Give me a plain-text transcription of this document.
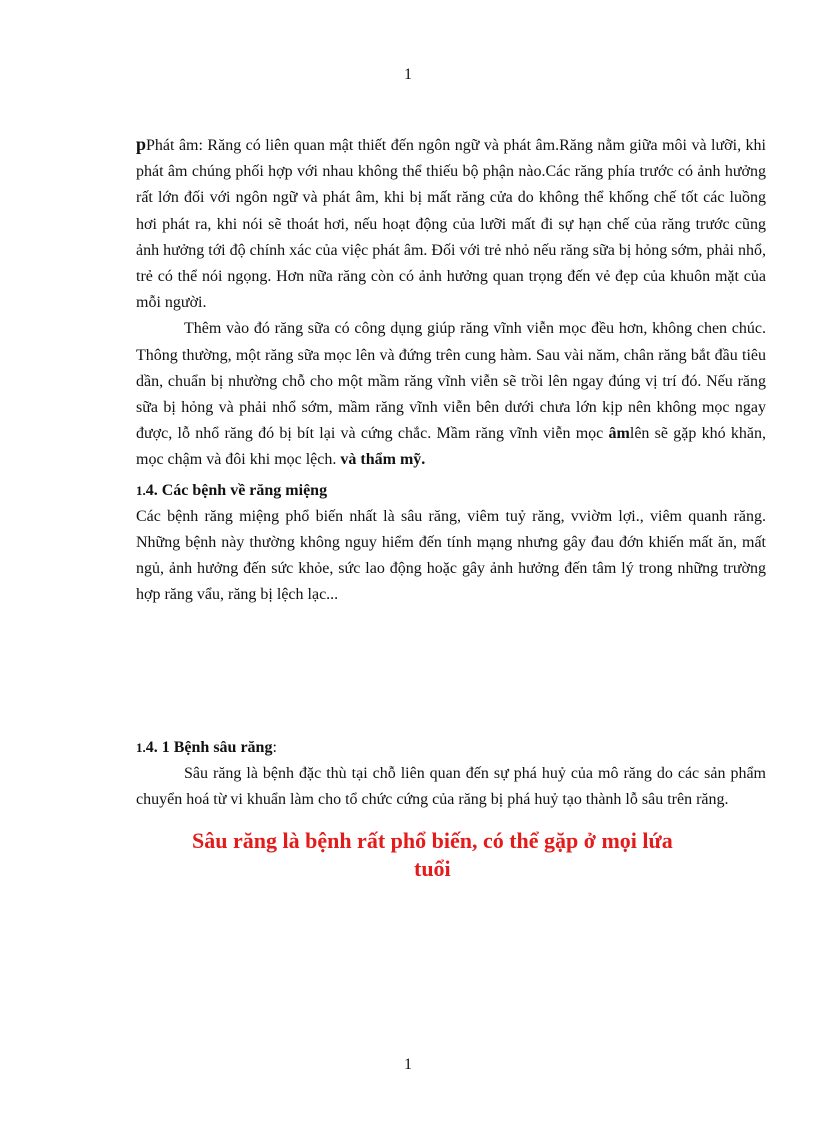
1

pPhát âm: Răng có liên quan mật thiết đến ngôn ngữ và phát âm.Răng nằm giữa môi và lưỡi, khi phát âm chúng phối hợp với nhau không thể thiếu bộ phận nào.Các răng phía trước có ảnh hưởng rất lớn đối với ngôn ngữ và phát âm, khi bị mất răng cửa do không thể khống chế tốt các luồng hơi phát ra, khi nói sẽ thoát hơi, nếu hoạt động của lưỡi mất đi sự hạn chế của răng trước cũng ảnh hưởng tới độ chính xác của việc phát âm. Đối với trẻ nhỏ nếu răng sữa bị hỏng sớm, phải nhổ, trẻ có thể nói ngọng. Hơn nữa răng còn có ảnh hưởng quan trọng đến vẻ đẹp của khuôn mặt của mỗi người.

Thêm vào đó răng sữa có công dụng giúp răng vĩnh viễn mọc đều hơn, không chen chúc. Thông thường, một răng sữa mọc lên và đứng trên cung hàm. Sau vài năm, chân răng bắt đầu tiêu dần, chuẩn bị nhường chỗ cho một mầm răng vĩnh viễn sẽ trồi lên ngay đúng vị trí đó. Nếu răng sữa bị hỏng và phải nhổ sớm, mầm răng vĩnh viễn bên dưới chưa lớn kịp nên không mọc ngay được, lỗ nhổ răng đó bị bít lại và cứng chắc. Mầm răng vĩnh viễn mọc âmlên sẽ gặp khó khăn, mọc chậm và đôi khi mọc lệch. và thẩm mỹ.

1.4. Các bệnh về răng miệng

Các bệnh răng miệng phổ biến nhất là sâu răng, viêm tuỷ răng, vviờm lợi., viêm quanh răng. Những bệnh này thường không nguy hiểm đến tính mạng nhưng gây đau đớn khiến mất ăn, mất ngủ, ảnh hưởng đến sức khỏe, sức lao động hoặc gây ảnh hưởng đến tâm lý trong những trường hợp răng vẩu, răng bị lệch lạc...

1.4. 1 Bệnh sâu răng:

Sâu răng là bệnh đặc thù tại chỗ liên quan đến sự phá huỷ của mô răng do các sản phẩm chuyển hoá từ vi khuẩn làm cho tổ chức cứng của răng bị phá huỷ tạo thành lỗ sâu trên răng.

Sâu răng là bệnh rất phổ biến, có thể gặp ở mọi lứa
tuổi
1
